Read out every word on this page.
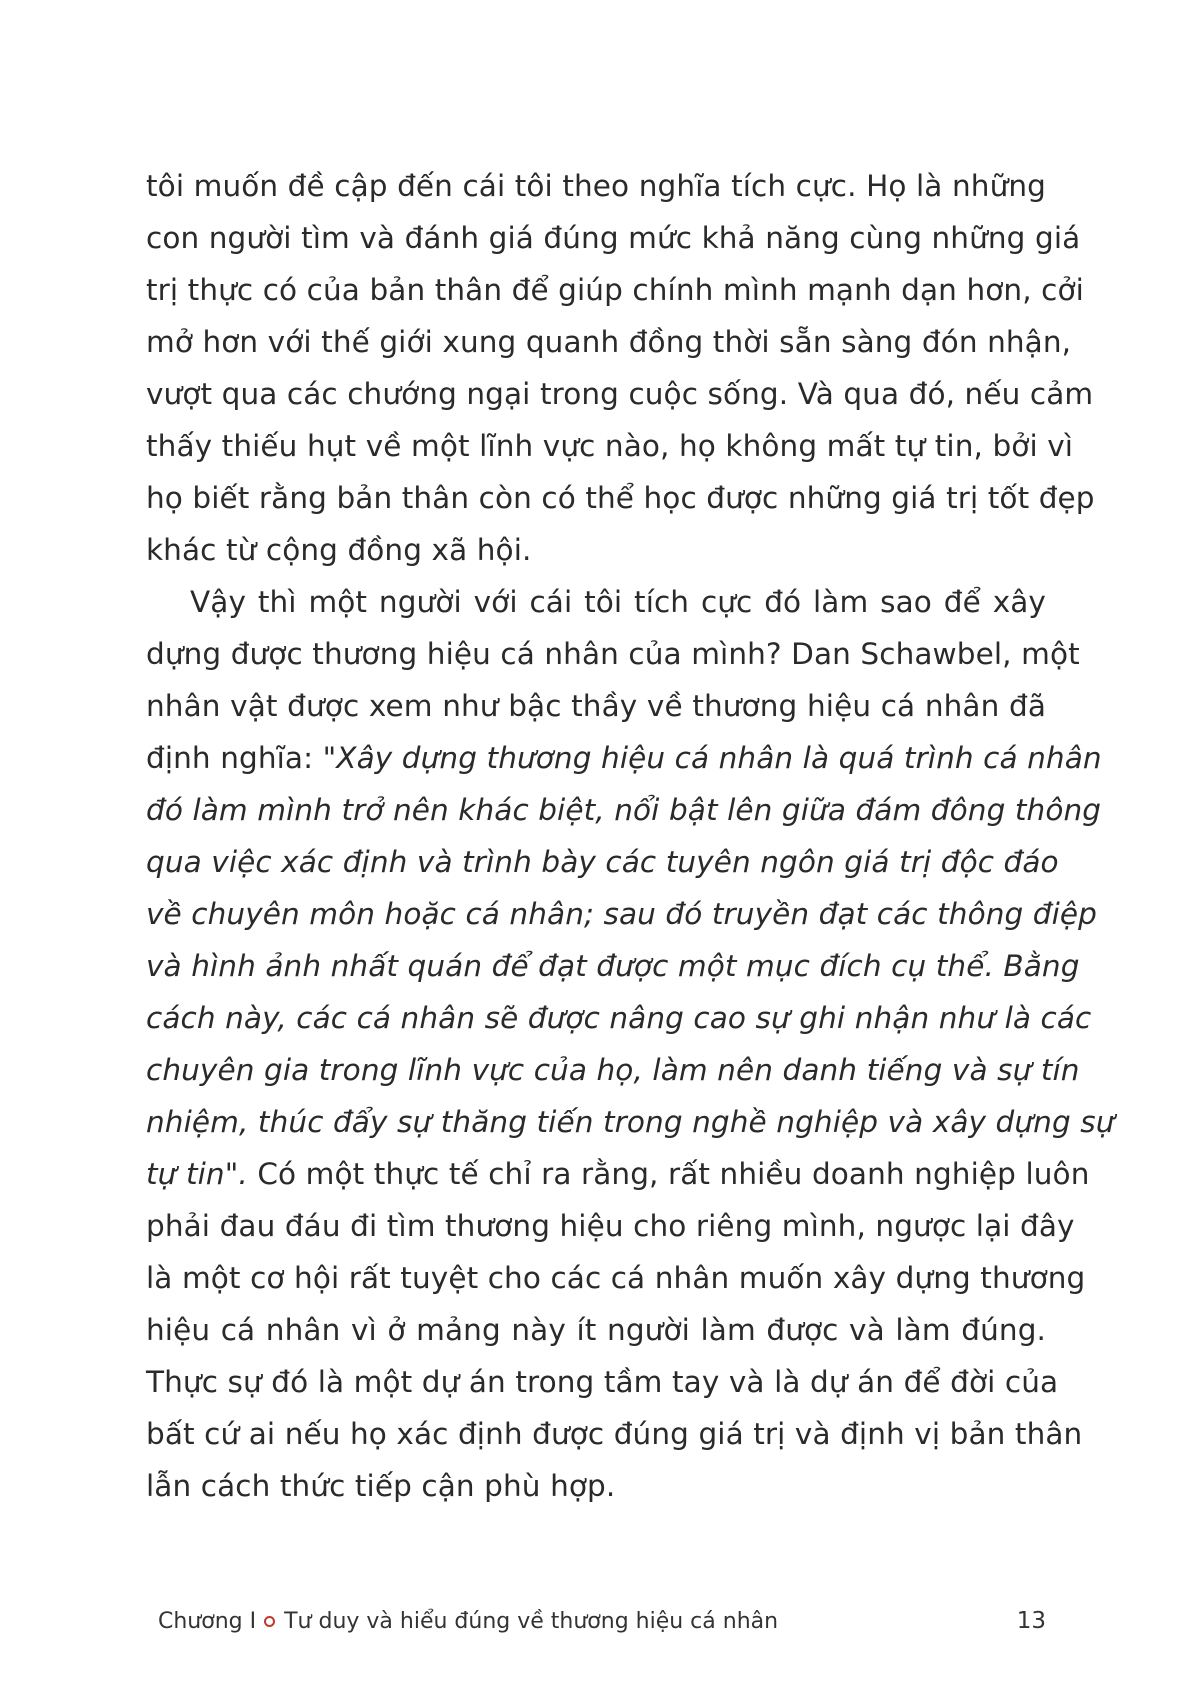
tôi muốn đề cập đến cái tôi theo nghĩa tích cực. Họ là những
con người tìm và đánh giá đúng mức khả năng cùng những giá
trị thực có của bản thân để giúp chính mình mạnh dạn hơn, cởi
mở hơn với thế giới xung quanh đồng thời sẵn sàng đón nhận,
vượt qua các chướng ngại trong cuộc sống. Và qua đó, nếu cảm
thấy thiếu hụt về một lĩnh vực nào, họ không mất tự tin, bởi vì
họ biết rằng bản thân còn có thể học được những giá trị tốt đẹp
khác từ cộng đồng xã hội.
Vậy thì một người với cái tôi tích cực đó làm sao để xây
dựng được thương hiệu cá nhân của mình? Dan Schawbel, một
nhân vật được xem như bậc thầy về thương hiệu cá nhân đã
định nghĩa: "Xây dựng thương hiệu cá nhân là quá trình cá nhân
đó làm mình trở nên khác biệt, nổi bật lên giữa đám đông thông
qua việc xác định và trình bày các tuyên ngôn giá trị độc đáo
về chuyên môn hoặc cá nhân; sau đó truyền đạt các thông điệp
và hình ảnh nhất quán để đạt được một mục đích cụ thể. Bằng
cách này, các cá nhân sẽ được nâng cao sự ghi nhận như là các
chuyên gia trong lĩnh vực của họ, làm nên danh tiếng và sự tín
nhiệm, thúc đẩy sự thăng tiến trong nghề nghiệp và xây dựng sự
tự tin". Có một thực tế chỉ ra rằng, rất nhiều doanh nghiệp luôn
phải đau đáu đi tìm thương hiệu cho riêng mình, ngược lại đây
là một cơ hội rất tuyệt cho các cá nhân muốn xây dựng thương
hiệu cá nhân vì ở mảng này ít người làm được và làm đúng.
Thực sự đó là một dự án trong tầm tay và là dự án để đời của
bất cứ ai nếu họ xác định được đúng giá trị và định vị bản thân
lẫn cách thức tiếp cận phù hợp.
Chương I Tư duy và hiểu đúng về thương hiệu cá nhân	13
